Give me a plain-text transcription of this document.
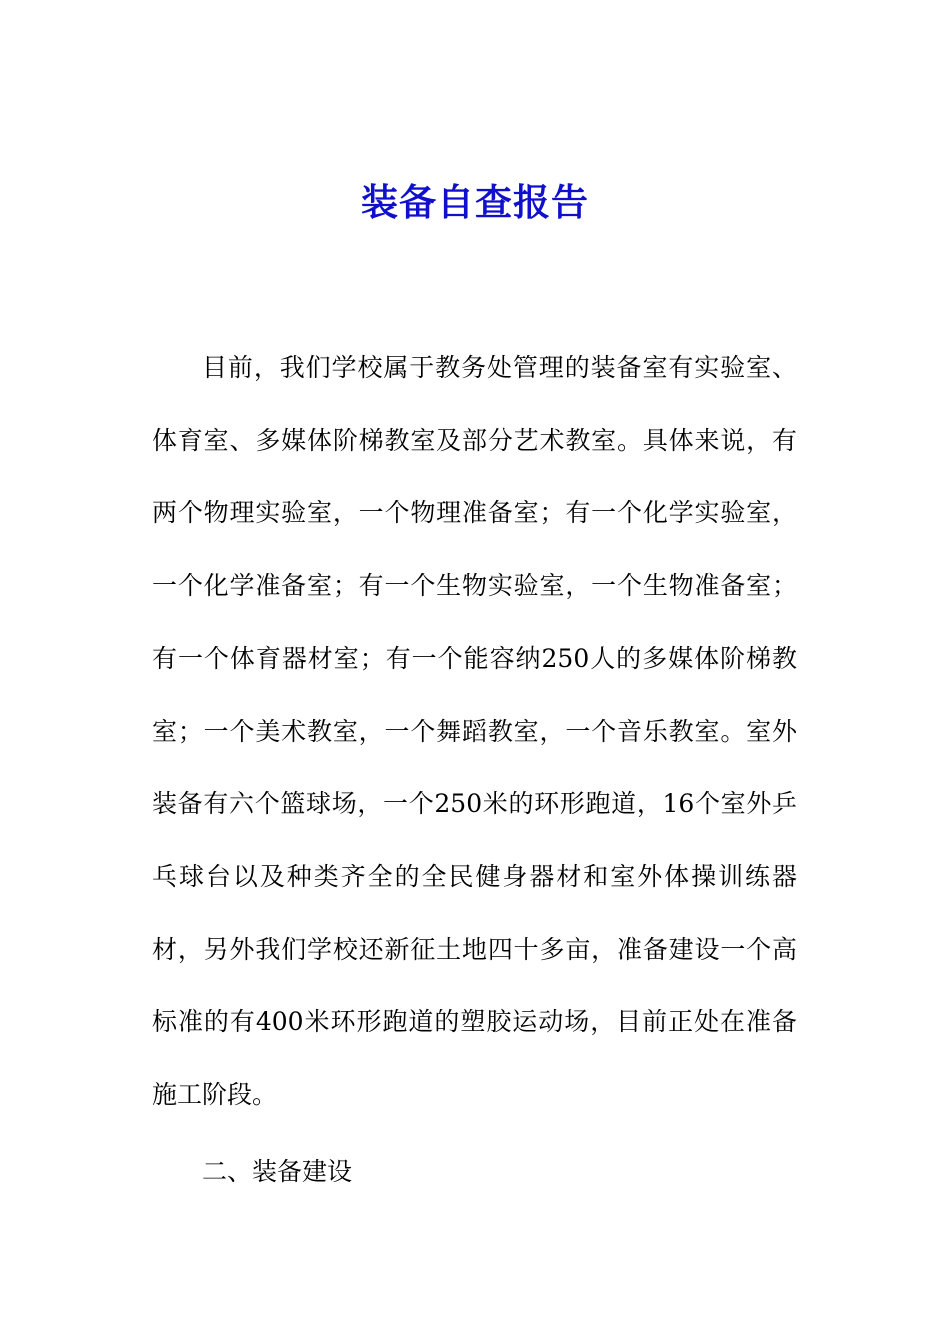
装备自查报告

目前，我们学校属于教务处管理的装备室有实验室、体育室、多媒体阶梯教室及部分艺术教室。具体来说，有两个物理实验室，一个物理准备室；有一个化学实验室，一个化学准备室；有一个生物实验室，一个生物准备室；有一个体育器材室；有一个能容纳250人的多媒体阶梯教室；一个美术教室，一个舞蹈教室，一个音乐教室。室外装备有六个篮球场，一个250米的环形跑道，16个室外乒乓球台以及种类齐全的全民健身器材和室外体操训练器材，另外我们学校还新征土地四十多亩，准备建设一个高标准的有400米环形跑道的塑胶运动场，目前正处在准备施工阶段。

二、装备建设
